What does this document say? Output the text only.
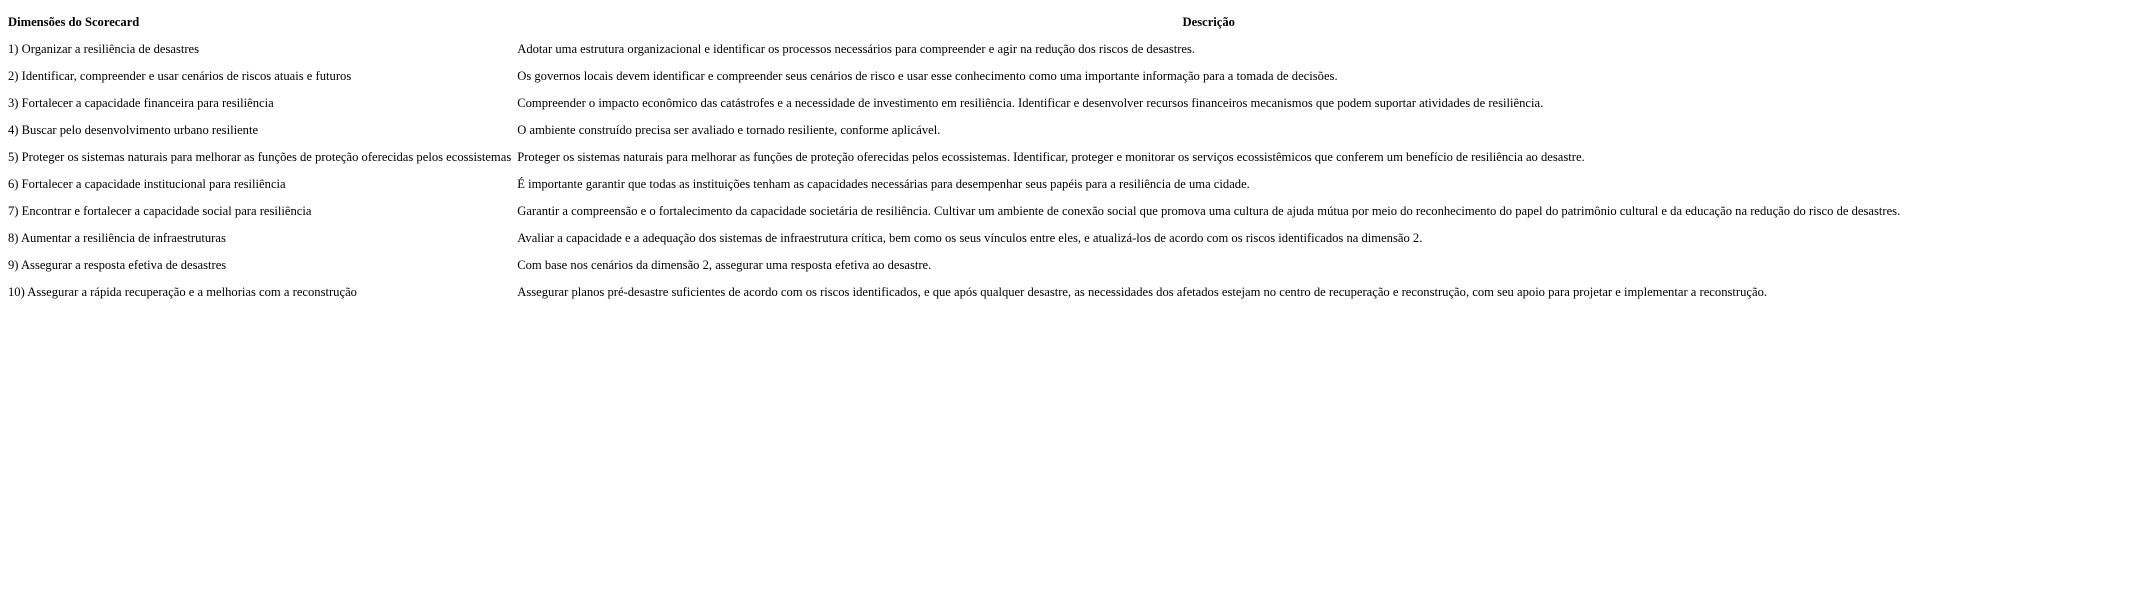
Dimensões do Scorecard	Descrição
1) Organizar a resiliência de desastres	Adotar uma estrutura organizacional e identificar os processos necessários para compreender e agir na redução dos riscos de desastres.
2) Identificar, compreender e usar cenários de riscos atuais e futuros	Os governos locais devem identificar e compreender seus cenários de risco e usar esse conhecimento como uma importante informação para a tomada de decisões.
3) Fortalecer a capacidade financeira para resiliência	Compreender o impacto econômico das catástrofes e a necessidade de investimento em resiliência. Identificar e desenvolver recursos financeiros mecanismos que podem suportar atividades de resiliência.
4) Buscar pelo desenvolvimento urbano resiliente	O ambiente construído precisa ser avaliado e tornado resiliente, conforme aplicável.
5) Proteger os sistemas naturais para melhorar as funções de proteção oferecidas pelos ecossistemas	Proteger os sistemas naturais para melhorar as funções de proteção oferecidas pelos ecossistemas. Identificar, proteger e monitorar os serviços ecossistêmicos que conferem um benefício de resiliência ao desastre.
6) Fortalecer a capacidade institucional para resiliência	É importante garantir que todas as instituições tenham as capacidades necessárias para desempenhar seus papéis para a resiliência de uma cidade.
7) Encontrar e fortalecer a capacidade social para resiliência	Garantir a compreensão e o fortalecimento da capacidade societária de resiliência. Cultivar um ambiente de conexão social que promova uma cultura de ajuda mútua por meio do reconhecimento do papel do patrimônio cultural e da educação na redução do risco de desastres.
8) Aumentar a resiliência de infraestruturas	Avaliar a capacidade e a adequação dos sistemas de infraestrutura crítica, bem como os seus vínculos entre eles, e atualizá-los de acordo com os riscos identificados na dimensão 2.
9) Assegurar a resposta efetiva de desastres	Com base nos cenários da dimensão 2, assegurar uma resposta efetiva ao desastre.
10) Assegurar a rápida recuperação e a melhorias com a reconstrução	Assegurar planos pré-desastre suficientes de acordo com os riscos identificados, e que após qualquer desastre, as necessidades dos afetados estejam no centro de recuperação e reconstrução, com seu apoio para projetar e implementar a reconstrução.
